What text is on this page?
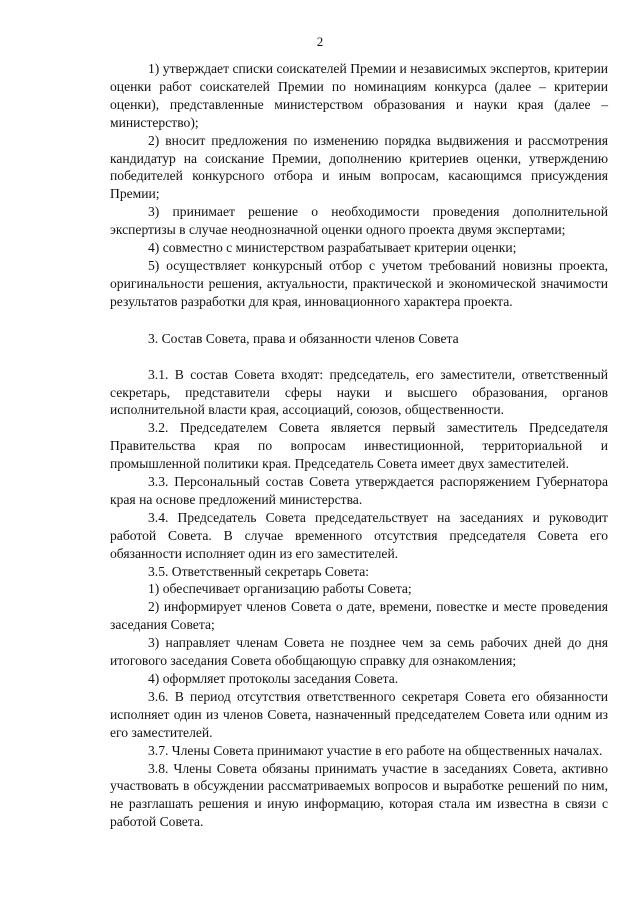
2

1) утверждает списки соискателей Премии и независимых экспертов, критерии оценки работ соискателей Премии по номинациям конкурса (далее – критерии оценки), представленные министерством образования и науки края (далее – министерство);

2) вносит предложения по изменению порядка выдвижения и рассмотрения кандидатур на соискание Премии, дополнению критериев оценки, утверждению победителей конкурсного отбора и иным вопросам, касающимся присуждения Премии;

3) принимает решение о необходимости проведения дополнительной экспертизы в случае неоднозначной оценки одного проекта двумя экспертами;

4) совместно с министерством разрабатывает критерии оценки;

5) осуществляет конкурсный отбор с учетом требований новизны проекта, оригинальности решения, актуальности, практической и экономической значимости результатов разработки для края, инновационного характера проекта.

3. Состав Совета, права и обязанности членов Совета

3.1. В состав Совета входят: председатель, его заместители, ответственный секретарь, представители сферы науки и высшего образования, органов исполнительной власти края, ассоциаций, союзов, общественности.

3.2. Председателем Совета является первый заместитель Председателя Правительства края по вопросам инвестиционной, территориальной и промышленной политики края. Председатель Совета имеет двух заместителей.

3.3. Персональный состав Совета утверждается распоряжением Губернатора края на основе предложений министерства.

3.4. Председатель Совета председательствует на заседаниях и руководит работой Совета. В случае временного отсутствия председателя Совета его обязанности исполняет один из его заместителей.

3.5. Ответственный секретарь Совета:

1) обеспечивает организацию работы Совета;

2) информирует членов Совета о дате, времени, повестке и месте проведения заседания Совета;

3) направляет членам Совета не позднее чем за семь рабочих дней до дня итогового заседания Совета обобщающую справку для ознакомления;

4) оформляет протоколы заседания Совета.

3.6. В период отсутствия ответственного секретаря Совета его обязанности исполняет один из членов Совета, назначенный председателем Совета или одним из его заместителей.

3.7. Члены Совета принимают участие в его работе на общественных началах.

3.8. Члены Совета обязаны принимать участие в заседаниях Совета, активно участвовать в обсуждении рассматриваемых вопросов и выработке решений по ним, не разглашать решения и иную информацию, которая стала им известна в связи с работой Совета.
